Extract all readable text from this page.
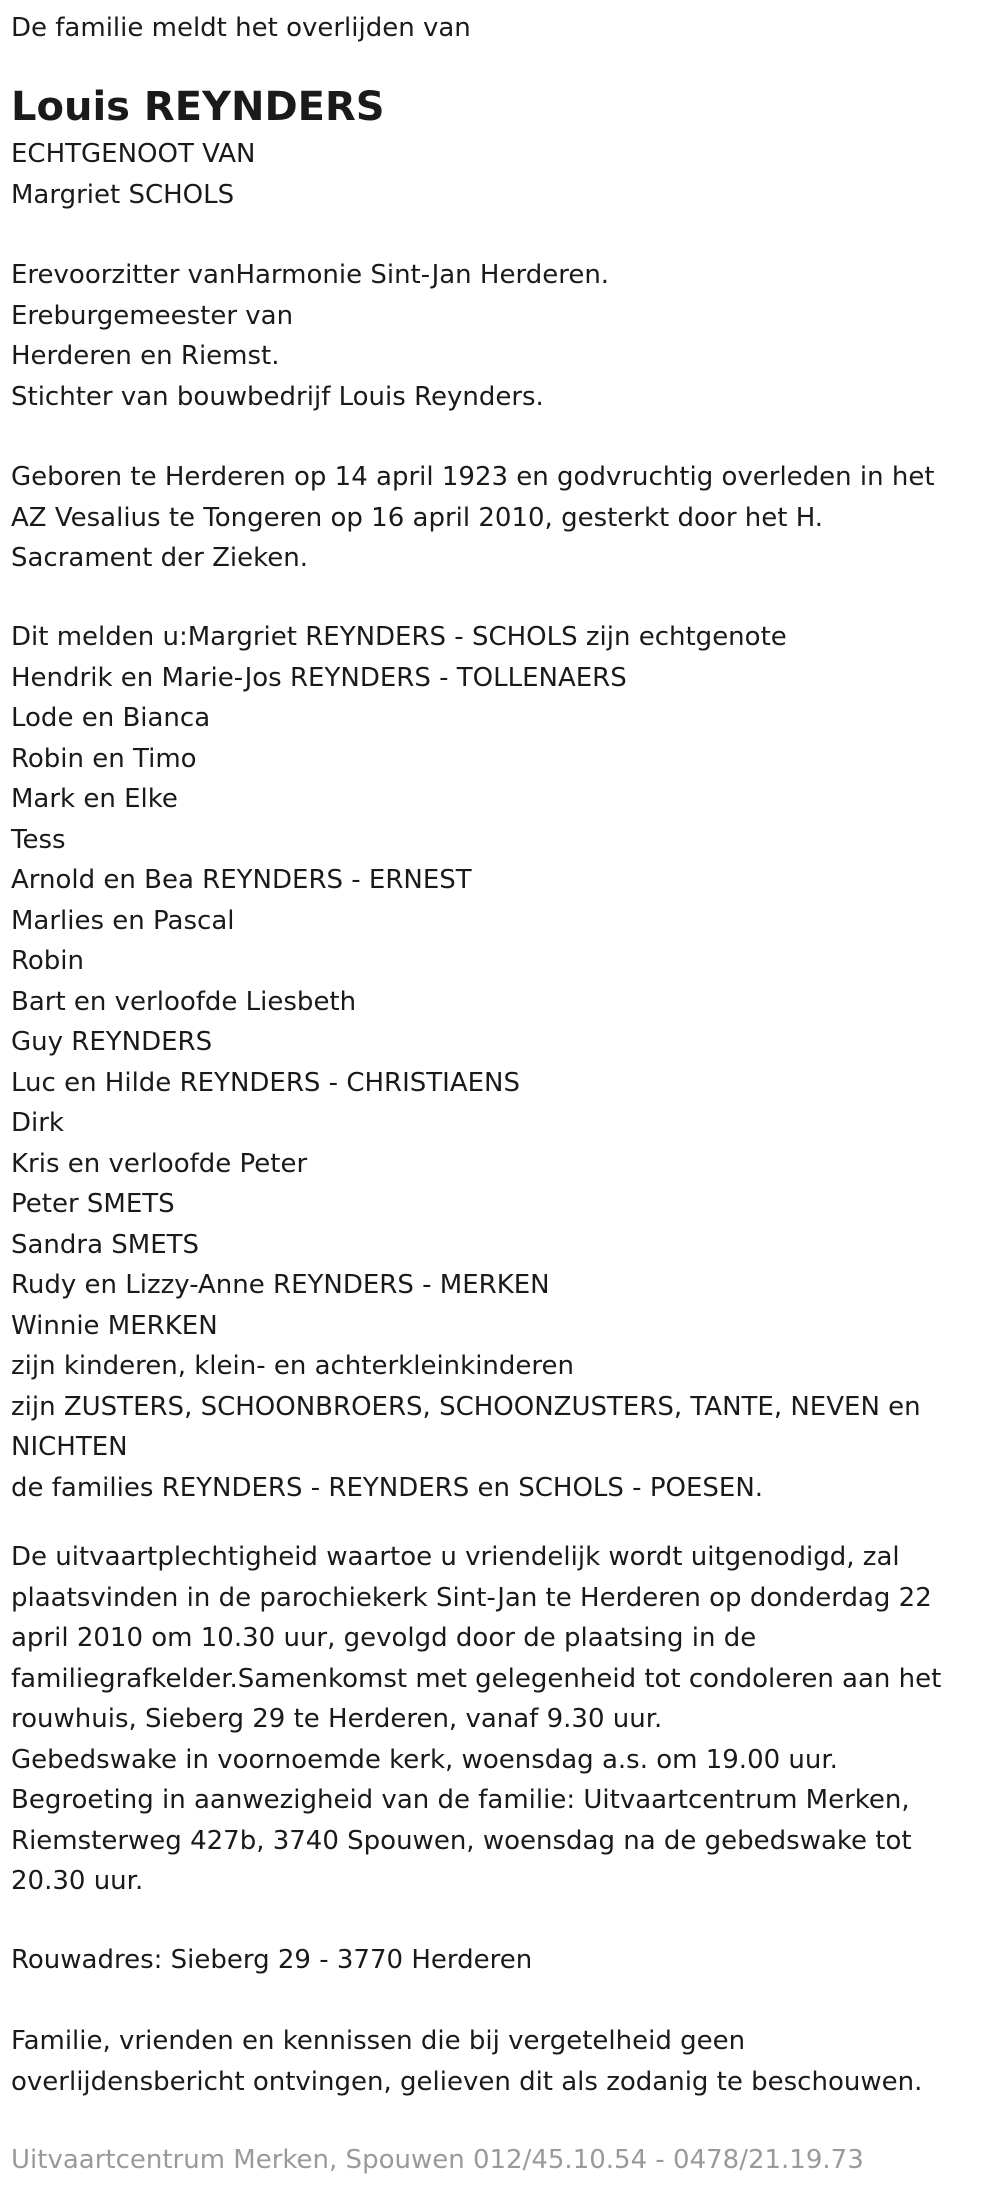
De familie meldt het overlijden van

Louis REYNDERS
ECHTGENOOT VAN
Margriet SCHOLS
Erevoorzitter vanHarmonie Sint-Jan Herderen.
Ereburgemeester van
Herderen en Riemst.
Stichter van bouwbedrijf Louis Reynders.
Geboren te Herderen op 14 april 1923 en godvruchtig overleden in het
AZ Vesalius te Tongeren op 16 april 2010, gesterkt door het H.
Sacrament der Zieken.
Dit melden u:Margriet REYNDERS - SCHOLS zijn echtgenote
Hendrik en Marie-Jos REYNDERS - TOLLENAERS
Lode en Bianca
Robin en Timo
Mark en Elke
Tess
Arnold en Bea REYNDERS - ERNEST
Marlies en Pascal
Robin
Bart en verloofde Liesbeth
Guy REYNDERS
Luc en Hilde REYNDERS - CHRISTIAENS
Dirk
Kris en verloofde Peter
Peter SMETS
Sandra SMETS
Rudy en Lizzy-Anne REYNDERS - MERKEN
Winnie MERKEN
zijn kinderen, klein- en achterkleinkinderen
zijn ZUSTERS, SCHOONBROERS, SCHOONZUSTERS, TANTE, NEVEN en
NICHTEN
de families REYNDERS - REYNDERS en SCHOLS - POESEN.
De uitvaartplechtigheid waartoe u vriendelijk wordt uitgenodigd, zal
plaatsvinden in de parochiekerk Sint-Jan te Herderen op donderdag 22
april 2010 om 10.30 uur, gevolgd door de plaatsing in de
familiegrafkelder.Samenkomst met gelegenheid tot condoleren aan het
rouwhuis, Sieberg 29 te Herderen, vanaf 9.30 uur.
Gebedswake in voornoemde kerk, woensdag a.s. om 19.00 uur.
Begroeting in aanwezigheid van de familie: Uitvaartcentrum Merken,
Riemsterweg 427b, 3740 Spouwen, woensdag na de gebedswake tot
20.30 uur.

Rouwadres: Sieberg 29 - 3770 Herderen

Familie, vrienden en kennissen die bij vergetelheid geen
overlijdensbericht ontvingen, gelieven dit als zodanig te beschouwen.
Uitvaartcentrum Merken, Spouwen 012/45.10.54 - 0478/21.19.73
